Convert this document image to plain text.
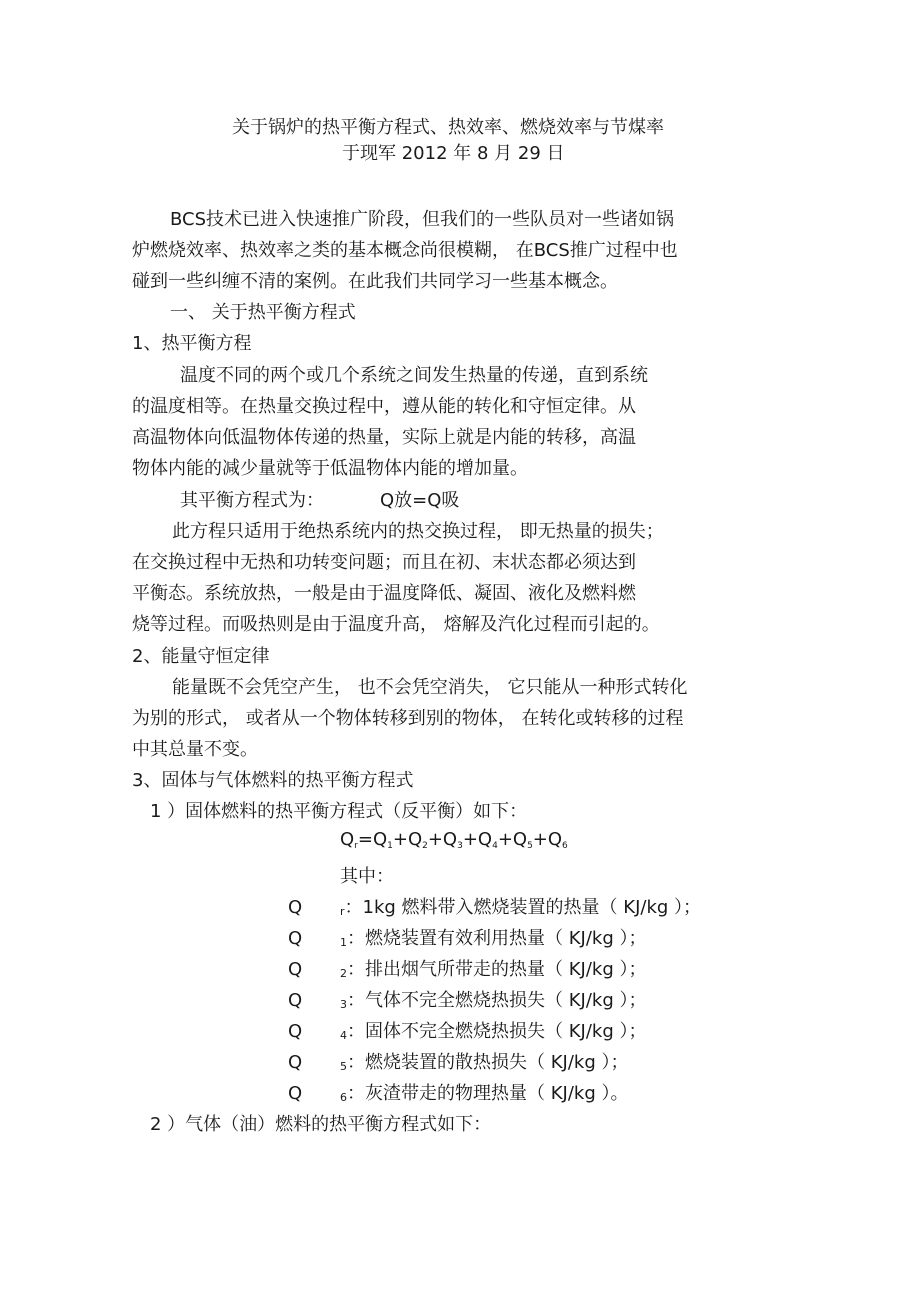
关于锅炉的热平衡方程式、热效率、燃烧效率与节煤率
于现军 2012 年 8 月 29 日
BCS技术已进入快速推广阶段，但我们的一些队员对一些诸如锅
炉燃烧效率、热效率之类的基本概念尚很模糊， 在BCS推广过程中也
碰到一些纠缠不清的案例。在此我们共同学习一些基本概念。
一、 关于热平衡方程式
1、热平衡方程
温度不同的两个或几个系统之间发生热量的传递，直到系统
的温度相等。在热量交换过程中，遵从能的转化和守恒定律。从
高温物体向低温物体传递的热量，实际上就是内能的转移，高温
物体内能的减少量就等于低温物体内能的增加量。
其平衡方程式为：	Q放=Q吸
此方程只适用于绝热系统内的热交换过程， 即无热量的损失；
在交换过程中无热和功转变问题；而且在初、末状态都必须达到
平衡态。系统放热，一般是由于温度降低、凝固、液化及燃料燃
烧等过程。而吸热则是由于温度升高， 熔解及汽化过程而引起的。
2、能量守恒定律
能量既不会凭空产生， 也不会凭空消失， 它只能从一种形式转化
为别的形式， 或者从一个物体转移到别的物体， 在转化或转移的过程
中其总量不变。
3、固体与气体燃料的热平衡方程式
1 ）固体燃料的热平衡方程式（反平衡）如下：
Qr=Q1+Q2+Q3+Q4+Q5+Q6
其中：
Q	r：1kg 燃料带入燃烧装置的热量（ KJ/kg ）；
Q	1：燃烧装置有效利用热量（ KJ/kg ）；
Q	2：排出烟气所带走的热量（ KJ/kg ）；
Q	3：气体不完全燃烧热损失（ KJ/kg ）；
Q	4：固体不完全燃烧热损失（ KJ/kg ）；
Q	5：燃烧装置的散热损失（ KJ/kg ）；
Q	6：灰渣带走的物理热量（ KJ/kg ）。
2 ）气体（油）燃料的热平衡方程式如下：
